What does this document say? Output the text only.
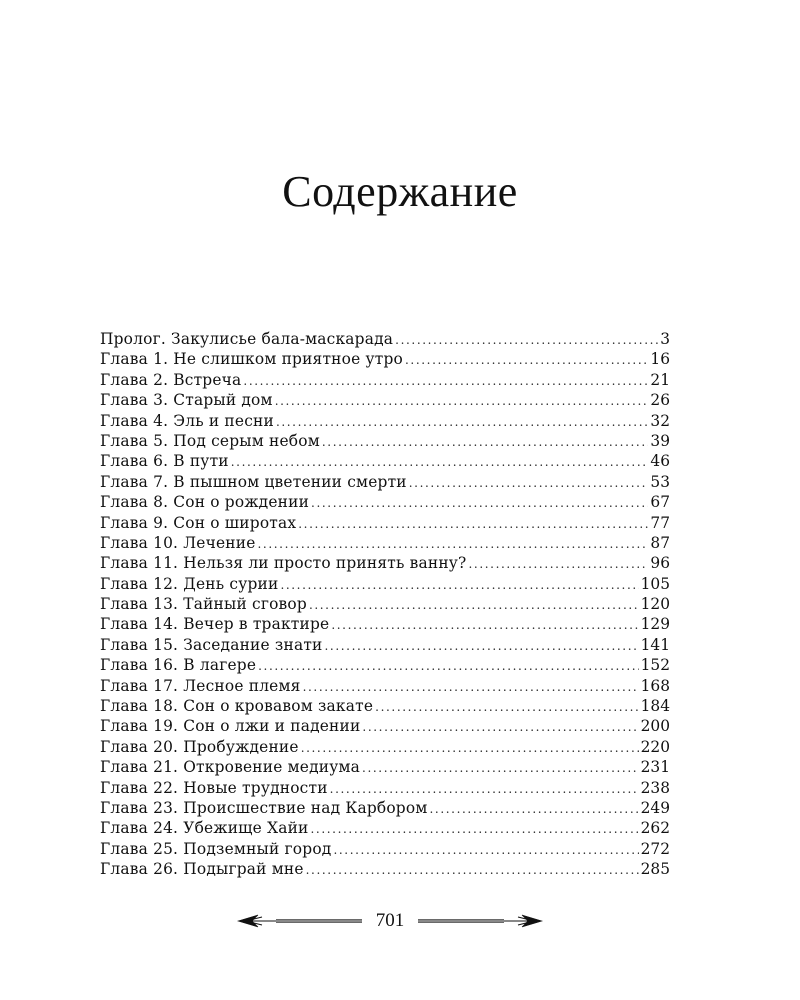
Содержание
Пролог. Закулисье бала-маскарада .....	3
Глава 1. Не слишком приятное утро .....	16
Глава 2. Встреча .....	21
Глава 3. Старый дом .....	26
Глава 4. Эль и песни .....	32
Глава 5. Под серым небом .....	39
Глава 6. В пути .....	46
Глава 7. В пышном цветении смерти .....	53
Глава 8. Сон о рождении .....	67
Глава 9. Сон о широтах .....	77
Глава 10. Лечение .....	87
Глава 11. Нельзя ли просто принять ванну? .....	96
Глава 12. День сурии .....	105
Глава 13. Тайный сговор .....	120
Глава 14. Вечер в трактире .....	129
Глава 15. Заседание знати .....	141
Глава 16. В лагере .....	152
Глава 17. Лесное племя .....	168
Глава 18. Сон о кровавом закате .....	184
Глава 19. Сон о лжи и падении .....	200
Глава 20. Пробуждение .....	220
Глава 21. Откровение медиума .....	231
Глава 22. Новые трудности .....	238
Глава 23. Происшествие над Карбором .....	249
Глава 24. Убежище Хайи .....	262
Глава 25. Подземный город .....	272
Глава 26. Подыграй мне .....	285
701
